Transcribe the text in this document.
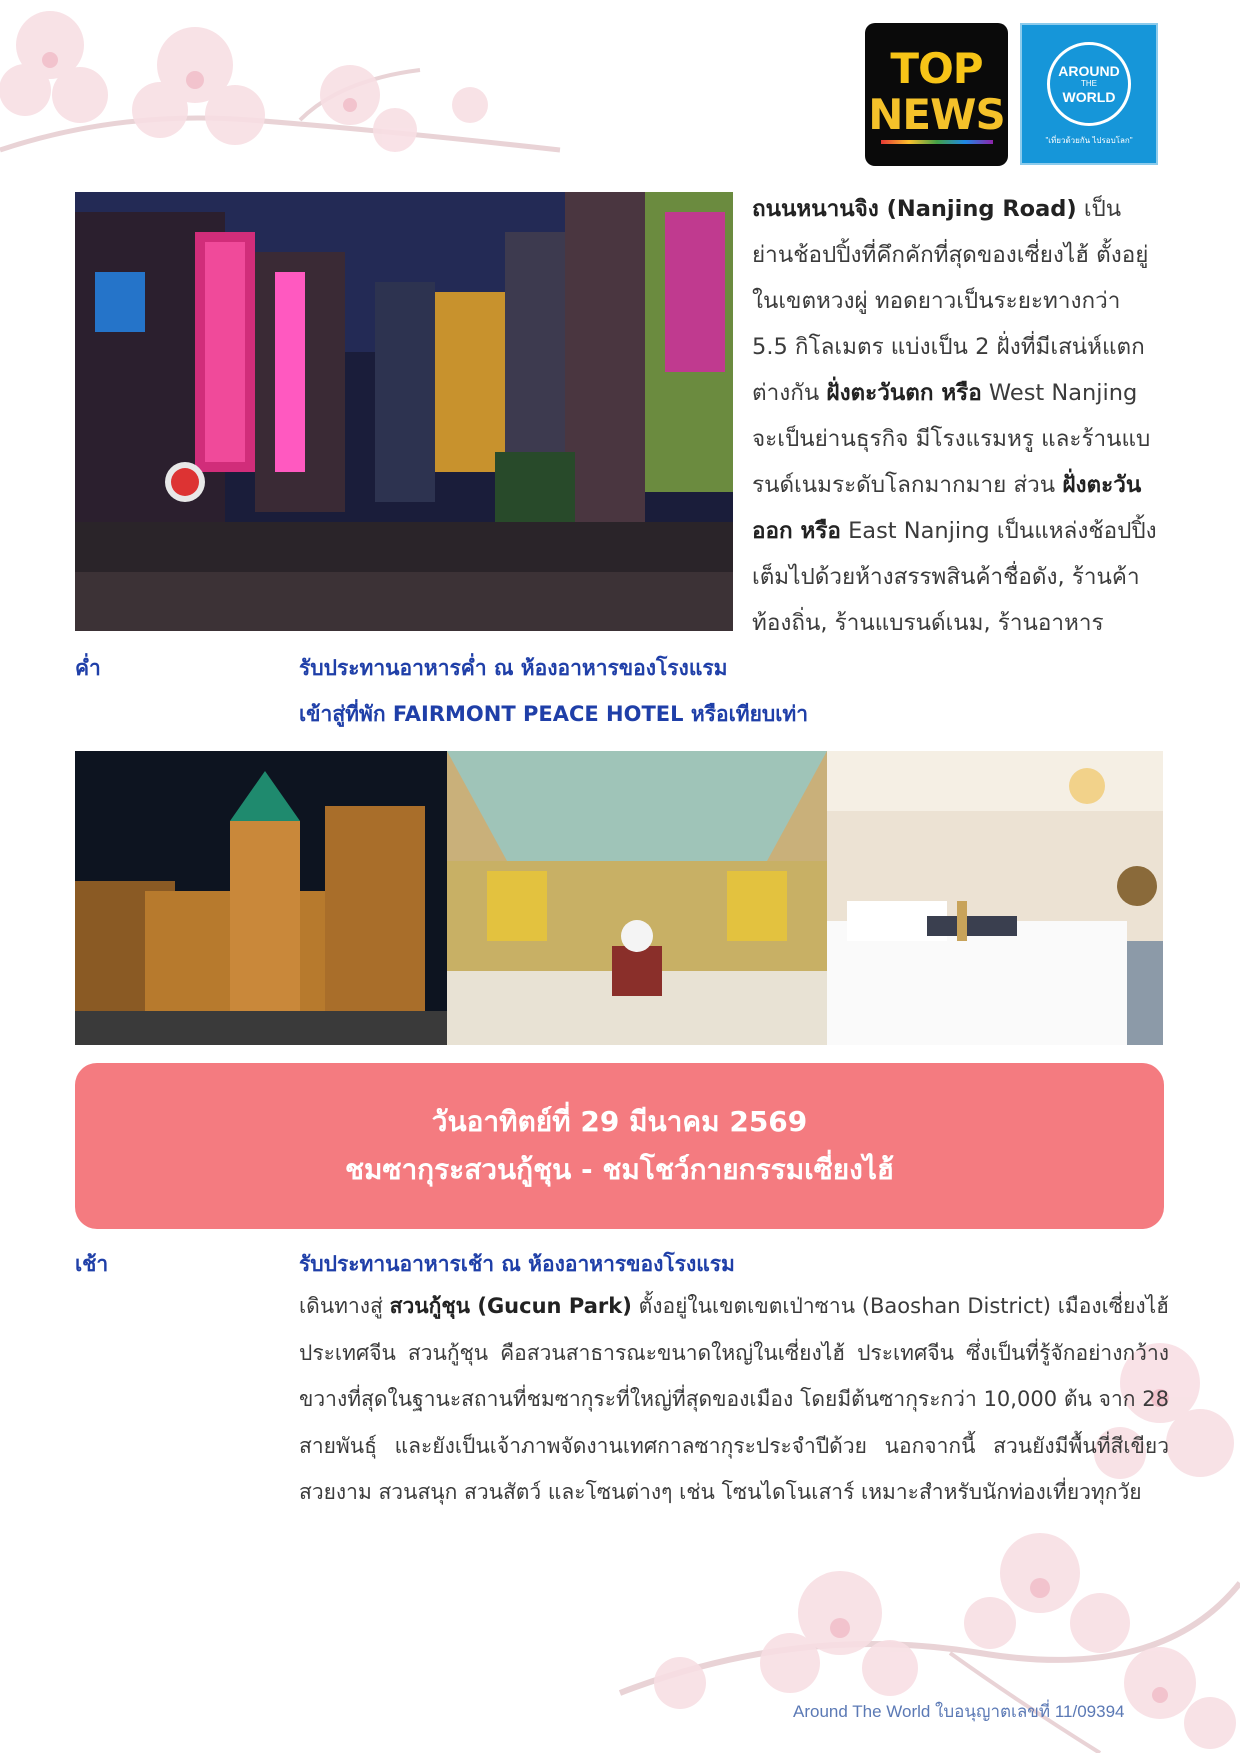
TOP
NEWS
AROUND
THE
WORLD
"เที่ยวด้วยกัน ไปรอบโลก"
ถนนหนานจิง (Nanjing Road) เป็นย่านช้อปปิ้งที่คึกคักที่สุดของเซี่ยงไฮ้ ตั้งอยู่ในเขตหวงผู่ ทอดยาวเป็นระยะทางกว่า 5.5 กิโลเมตร แบ่งเป็น 2 ฝั่งที่มีเสน่ห์แตกต่างกัน ฝั่งตะวันตก หรือ West Nanjing จะเป็นย่านธุรกิจ มีโรงแรมหรู และร้านแบรนด์เนมระดับโลกมากมาย ส่วน ฝั่งตะวันออก หรือ East Nanjing เป็นแหล่งช้อปปิ้ง เต็มไปด้วยห้างสรรพสินค้าชื่อดัง, ร้านค้าท้องถิ่น, ร้านแบรนด์เนม, ร้านอาหาร
ค่ำ	รับประทานอาหารค่ำ ณ ห้องอาหารของโรงแรม
เข้าสู่ที่พัก FAIRMONT PEACE HOTEL หรือเทียบเท่า
วันอาทิตย์ที่ 29 มีนาคม 2569
ชมซากุระสวนกู้ชุน - ชมโชว์กายกรรมเซี่ยงไฮ้
เช้า	รับประทานอาหารเช้า ณ ห้องอาหารของโรงแรม
เดินทางสู่ สวนกู้ชุน (Gucun Park) ตั้งอยู่ในเขตเขตเป่าซาน (Baoshan District) เมืองเซี่ยงไฮ้ ประเทศจีน สวนกู้ชุน คือสวนสาธารณะขนาดใหญ่ในเซี่ยงไฮ้ ประเทศจีน ซึ่งเป็นที่รู้จักอย่างกว้างขวางที่สุดในฐานะสถานที่ชมซากุระที่ใหญ่ที่สุดของเมือง โดยมีต้นซากุระกว่า 10,000 ต้น จาก 28 สายพันธุ์ และยังเป็นเจ้าภาพจัดงานเทศกาลซากุระประจำปีด้วย นอกจากนี้ สวนยังมีพื้นที่สีเขียวสวยงาม สวนสนุก สวนสัตว์ และโซนต่างๆ เช่น โซนไดโนเสาร์ เหมาะสำหรับนักท่องเที่ยวทุกวัย
Around The World ใบอนุญาตเลขที่ 11/09394
